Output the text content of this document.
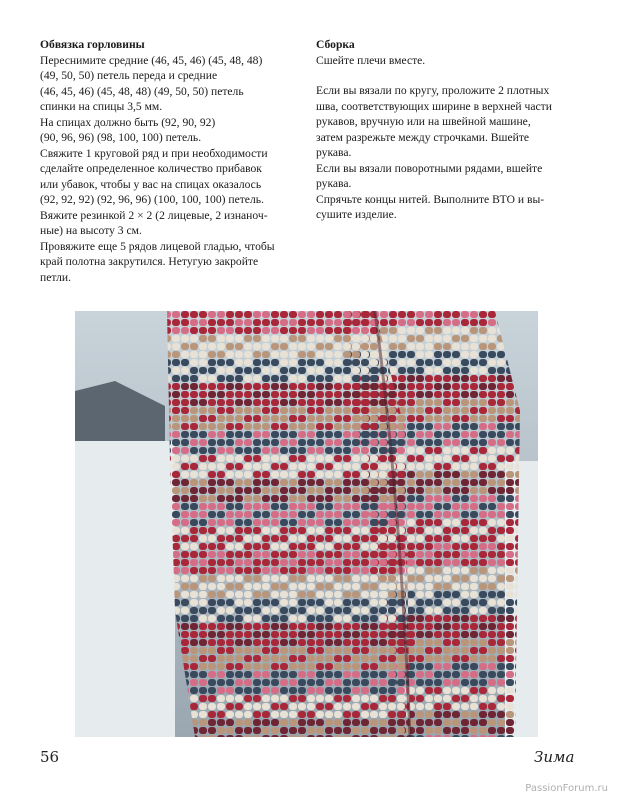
Обвязка горловины
Переснимите средние (46, 45, 46) (45, 48, 48)
(49, 50, 50) петель переда и средние
(46, 45, 46) (45, 48, 48) (49, 50, 50) петель
спинки на спицы 3,5 мм.
На спицах должно быть (92, 90, 92)
(90, 96, 96) (98, 100, 100) петель.
Свяжите 1 круговой ряд и при необходимости
сделайте определенное количество прибавок
или убавок, чтобы у вас на спицах оказалось
(92, 92, 92) (92, 96, 96) (100, 100, 100) петель.
Вяжите резинкой 2 × 2 (2 лицевые, 2 изнаноч-
ные) на высоту 3 см.
Провяжите еще 5 рядов лицевой гладью, чтобы
край полотна закрутился. Нетугую закройте
петли.
Сборка
Сшейте плечи вместе.
Если вы вязали по кругу, проложите 2 плотных
шва, соответствующих ширине в верхней части
рукавов, вручную или на швейной машине,
затем разрежьте между строчками. Вшейте
рукава.
Если вы вязали поворотными рядами, вшейте
рукава.
Спрячьте концы нитей. Выполните ВТО и вы-
сушите изделие.
56	Зима
PassionForum.ru
